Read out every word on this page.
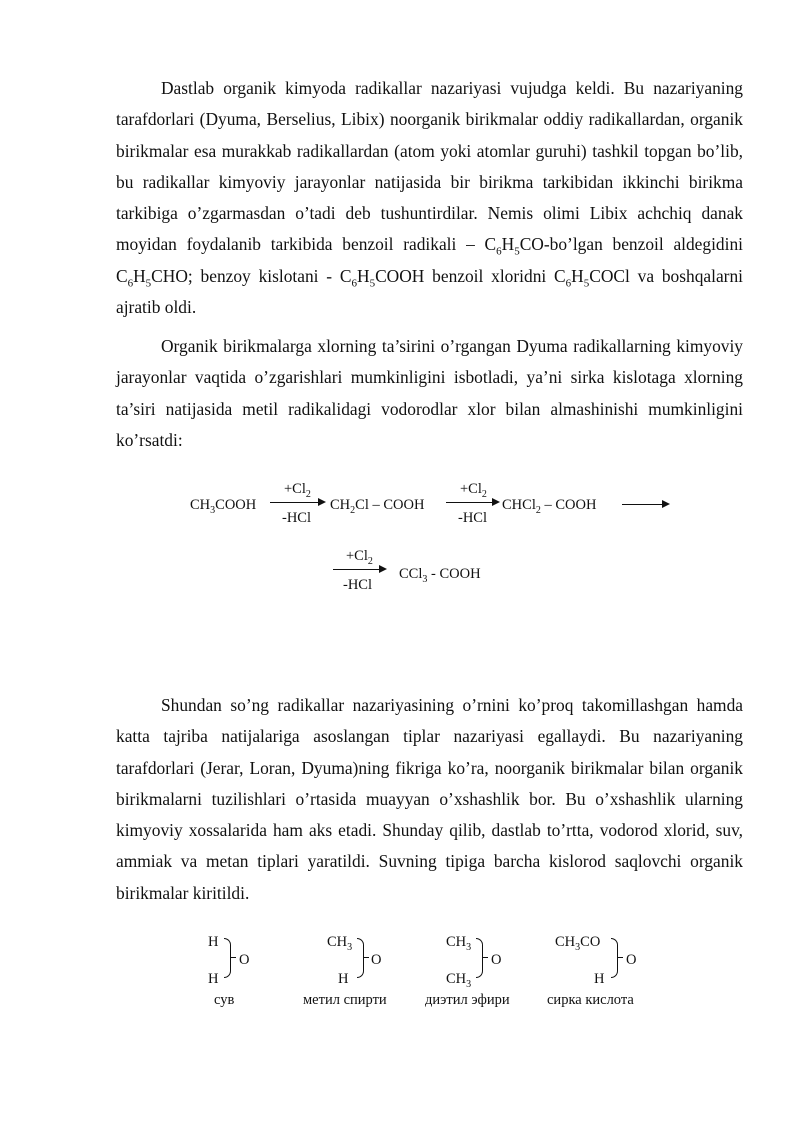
Dastlab organik kimyoda radikallar nazariyasi vujudga keldi. Bu nazariyaning tarafdorlari (Dyuma, Berselius, Libix) noorganik birikmalar oddiy radikallardan, organik birikmalar esa murakkab radikallardan (atom yoki atomlar guruhi) tashkil topgan bo’lib, bu radikallar kimyoviy jarayonlar natijasida bir birikma tarkibidan ikkinchi birikma tarkibiga o’zgarmasdan o’tadi deb tushuntirdilar. Nemis olimi Libix achchiq danak moyidan foydalanib tarkibida benzoil radikali – $C_6H_5CO-bo’lgan$ benzoil aldegidini $C_6H_5CHO$; benzoy kislotani - $C_6H_5COOH$ benzoil xloridni $C_6H_5COCl$ va boshqalarni ajratib oldi.

Organik birikmalarga xlorning ta’sirini o’rgangan Dyuma radikallarning kimyoviy jarayonlar vaqtida o’zgarishlari mumkinligini isbotladi, ya’ni sirka kislotaga xlorning ta’siri natijasida metil radikalidagi vodorodlar xlor bilan almashinishi mumkinligini ko’rsatdi:

$CH_3COOH$
$+Cl_2$
-HCl
$CH_2Cl$ – COOH
$+Cl_2$
-HCl
CHCl$_2$ – COOH
$+Cl_2$
-HCl
CCl$_3$ - COOH

Shundan so’ng radikallar nazariyasining o’rnini ko’proq takomillashgan hamda katta tajriba natijalariga asoslangan tiplar nazariyasi egallaydi. Bu nazariyaning tarafdorlari (Jerar, Loran, Dyuma)ning fikriga ko’ra, noorganik birikmalar bilan organik birikmalarni tuzilishlari o’rtasida muayyan o’xshashlik bor. Bu o’xshashlik ularning kimyoviy xossalarida ham aks etadi. Shunday qilib, dastlab to’rtta, vodorod xlorid, suv, ammiak va metan tiplari yaratildi. Suvning tipiga barcha kislorod saqlovchi organik birikmalar kiritildi.

H
H
O
сув
$CH_3$
H
O
метил спирти
$CH_3$
$CH_3$
O
диэтил эфири
$CH_3CO$
H
O
сирка кислота
